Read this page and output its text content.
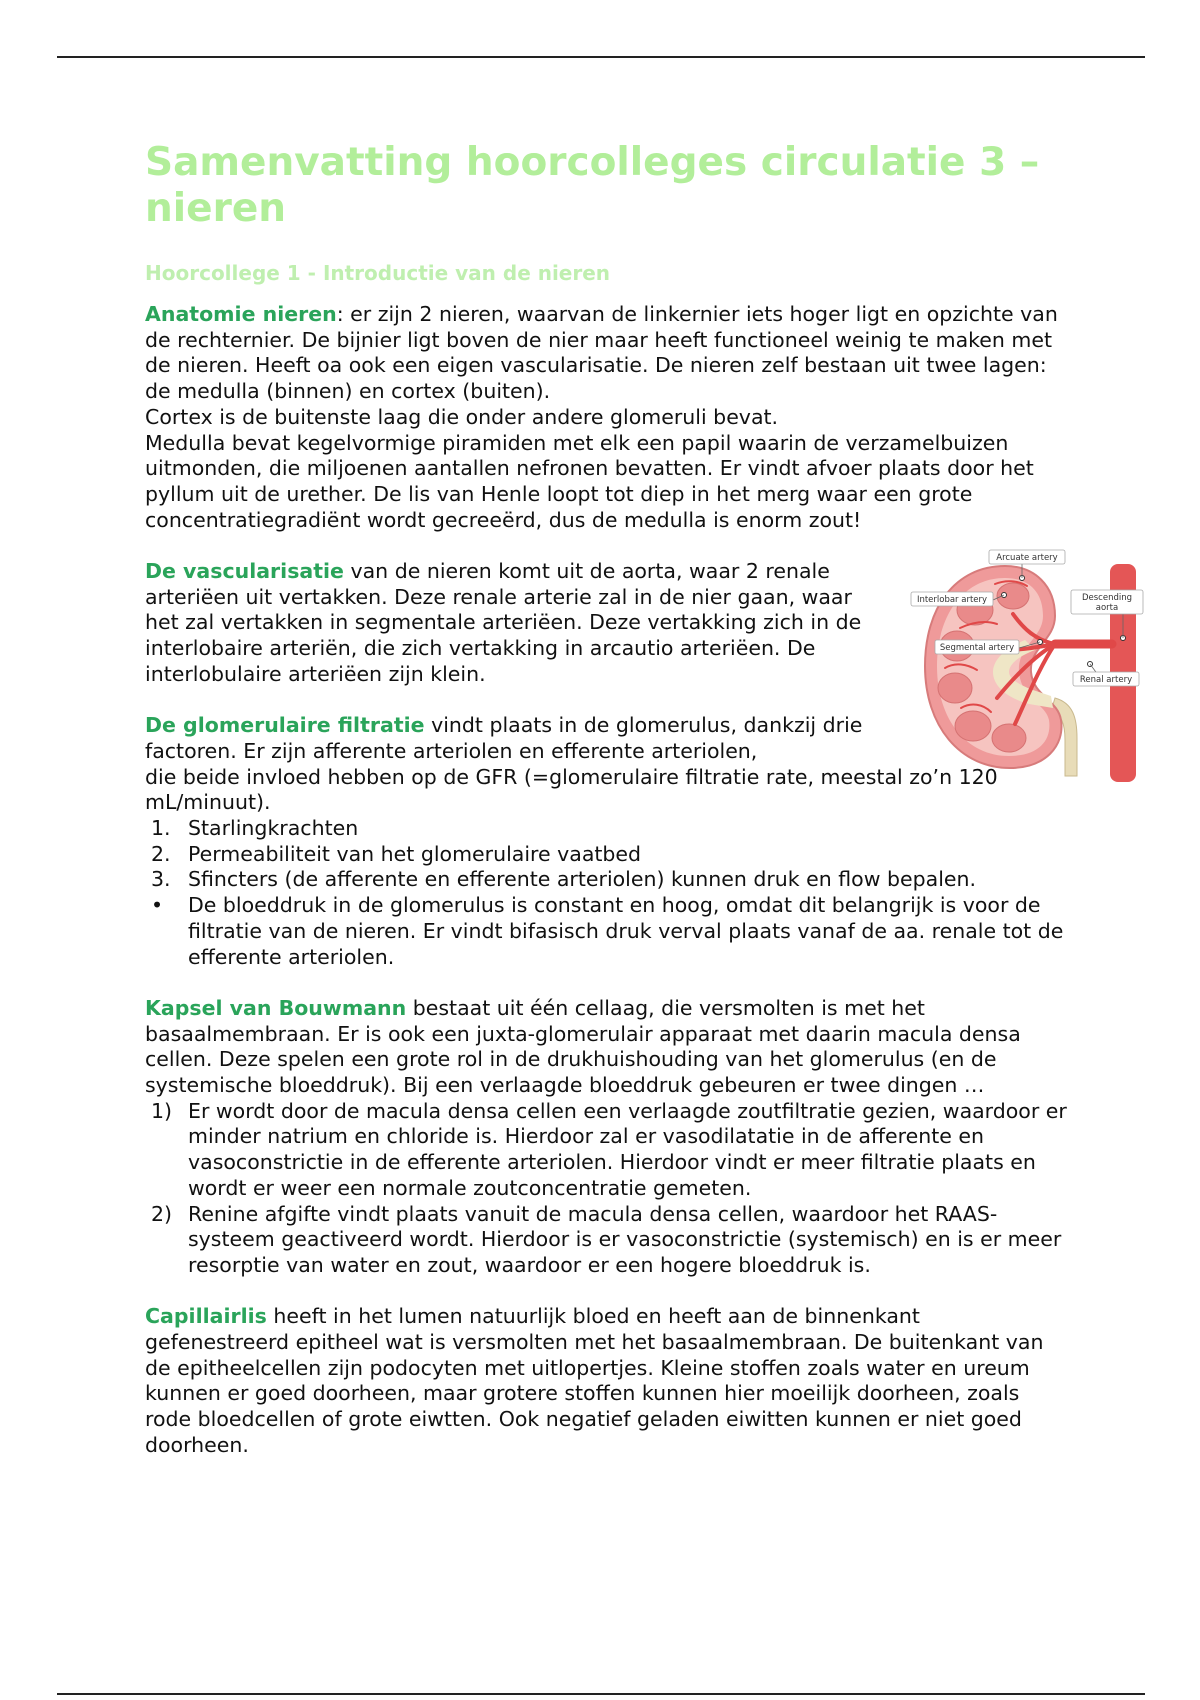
Samenvatting hoorcolleges circulatie 3 – nieren
Hoorcollege 1 - Introductie van de nieren

Anatomie nieren: er zijn 2 nieren, waarvan de linkernier iets hoger ligt en opzichte van de rechternier. De bijnier ligt boven de nier maar heeft functioneel weinig te maken met de nieren. Heeft oa ook een eigen vascularisatie. De nieren zelf bestaan uit twee lagen: de medulla (binnen) en cortex (buiten).

Cortex is de buitenste laag die onder andere glomeruli bevat.

Medulla bevat kegelvormige piramiden met elk een papil waarin de verzamelbuizen uitmonden, die miljoenen aantallen nefronen bevatten. Er vindt afvoer plaats door het pyllum uit de urether. De lis van Henle loopt tot diep in het merg waar een grote concentratiegradiënt wordt gecreeërd, dus de medulla is enorm zout!

De vascularisatie van de nieren komt uit de aorta, waar 2 renale arteriëen uit vertakken. Deze renale arterie zal in de nier gaan, waar het zal vertakken in segmentale arteriëen. Deze vertakking zich in de interlobaire arteriën, die zich vertakking in arcautio arteriëen. De interlobulaire arteriëen zijn klein.

De glomerulaire filtratie vindt plaats in de glomerulus, dankzij drie factoren. Er zijn afferente arteriolen en efferente arteriolen,

die beide invloed hebben op de GFR (=glomerulaire filtratie rate, meestal zo’n 120 mL/minuut).

1. Starlingkrachten
2. Permeabiliteit van het glomerulaire vaatbed
3. Sfincters (de afferente en efferente arteriolen) kunnen druk en flow bepalen.
• De bloeddruk in de glomerulus is constant en hoog, omdat dit belangrijk is voor de filtratie van de nieren. Er vindt bifasisch druk verval plaats vanaf de aa. renale tot de efferente arteriolen.

Kapsel van Bouwmann bestaat uit één cellaag, die versmolten is met het basaalmembraan. Er is ook een juxta-glomerulair apparaat met daarin macula densa cellen. Deze spelen een grote rol in de drukhuishouding van het glomerulus (en de systemische bloeddruk). Bij een verlaagde bloeddruk gebeuren er twee dingen …

1) Er wordt door de macula densa cellen een verlaagde zoutfiltratie gezien, waardoor er minder natrium en chloride is. Hierdoor zal er vasodilatatie in de afferente en vasoconstrictie in de efferente arteriolen. Hierdoor vindt er meer filtratie plaats en wordt er weer een normale zoutconcentratie gemeten.
2) Renine afgifte vindt plaats vanuit de macula densa cellen, waardoor het RAAS-systeem geactiveerd wordt. Hierdoor is er vasoconstrictie (systemisch) en is er meer resorptie van water en zout, waardoor er een hogere bloeddruk is.

Capillairlis heeft in het lumen natuurlijk bloed en heeft aan de binnenkant gefenestreerd epitheel wat is versmolten met het basaalmembraan. De buitenkant van de epitheelcellen zijn podocyten met uitlopertjes. Kleine stoffen zoals water en ureum kunnen er goed doorheen, maar grotere stoffen kunnen hier moeilijk doorheen, zoals rode bloedcellen of grote eiwtten. Ook negatief geladen eiwitten kunnen er niet goed doorheen.

Arcuate artery
Interlobar artery
Segmental artery
Descending
aorta
Renal artery
